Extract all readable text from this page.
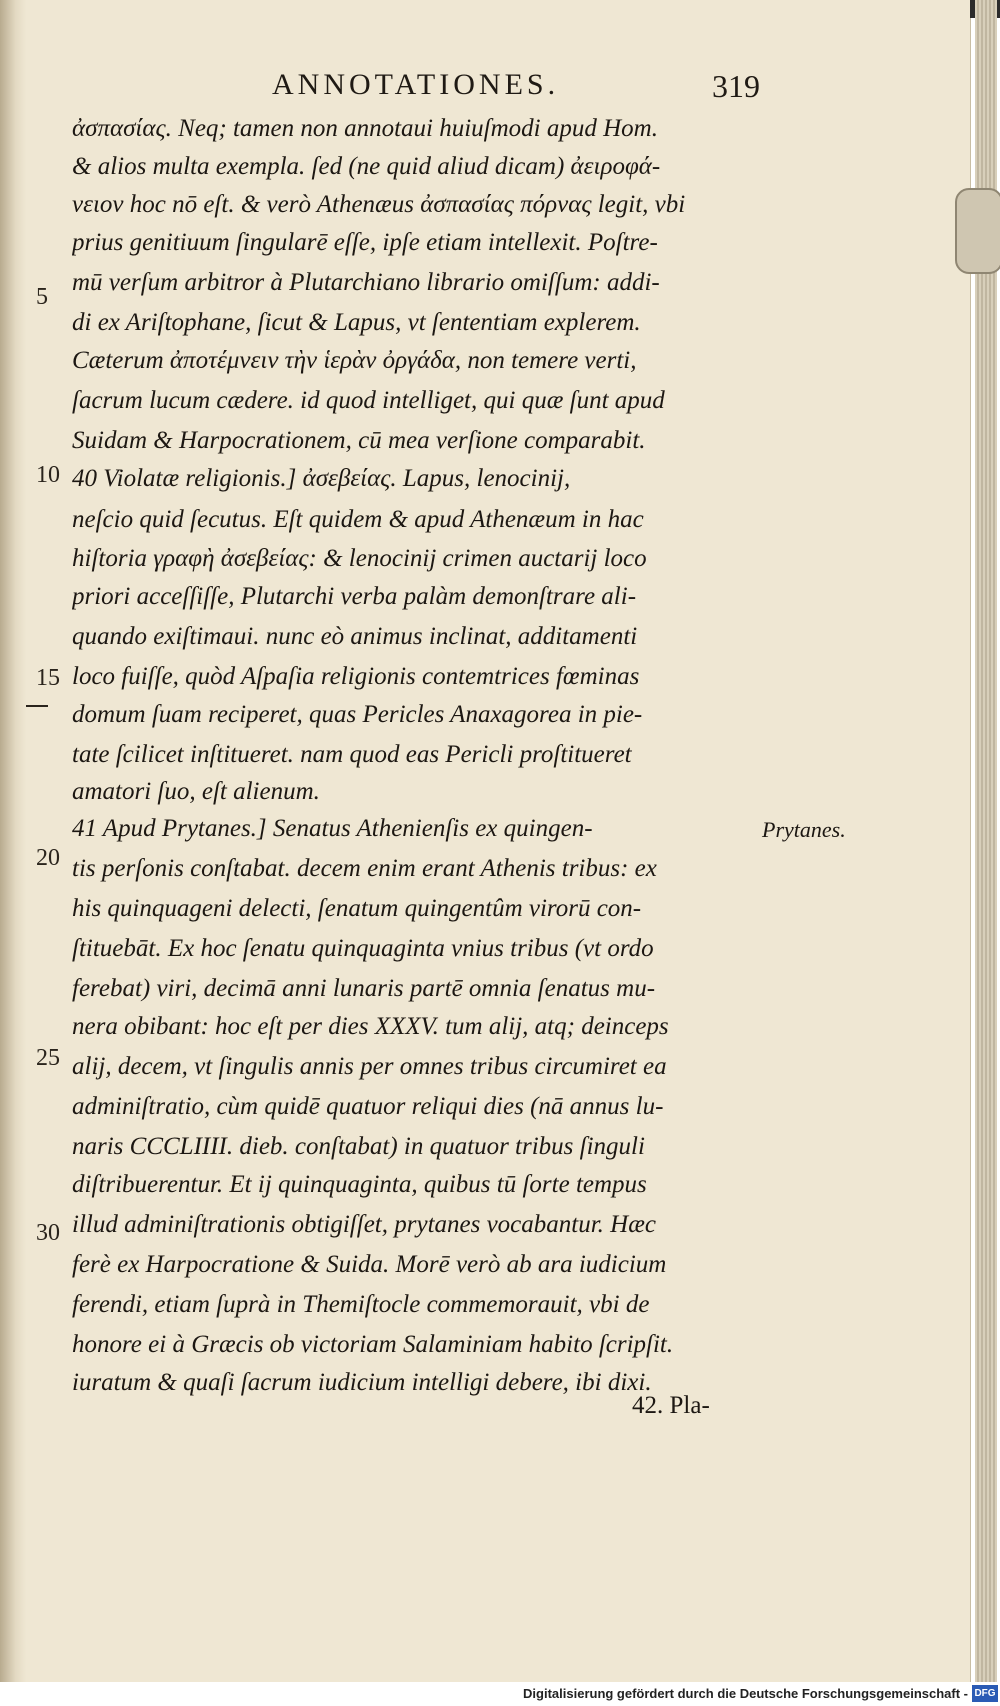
ANNOTATIONES.	319
ἀσπασίας. Neq; tamen non annotaui huiuſmodi apud Hom.
& alios multa exempla. ſed (ne quid aliud dicam) ἀειροφά-
νειον hoc nō eſt. & verò Athenæus ἀσπασίας πόρνας legit, vbi
prius genitiuum ſingularē eſſe, ipſe etiam intellexit. Poſtre-
mū verſum arbitror à Plutarchiano librario omiſſum: addi-
di ex Ariſtophane, ſicut & Lapus, vt ſententiam explerem.
Cæterum ἀποτέμνειν τὴν ἱερὰν ὀργάδα, non temere verti,
ſacrum lucum cædere. id quod intelliget, qui quæ ſunt apud
Suidam & Harpocrationem, cū mea verſione comparabit.
40 Violatæ religionis.] ἀσεβείας. Lapus, lenocinij,
neſcio quid ſecutus. Eſt quidem & apud Athenæum in hac
hiſtoria γραφὴ ἀσεβείας: & lenocinij crimen auctarij loco
priori acceſſiſſe, Plutarchi verba palàm demonſtrare ali-
quando exiſtimaui. nunc eò animus inclinat, additamenti
loco fuiſſe, quòd Aſpaſia religionis contemtrices fœminas
domum ſuam reciperet, quas Pericles Anaxagorea in pie-
tate ſcilicet inſtitueret. nam quod eas Pericli proſtitueret
amatori ſuo, eſt alienum.
41 Apud Prytanes.] Senatus Athenienſis ex quingen-
tis perſonis conſtabat. decem enim erant Athenis tribus: ex
his quinquageni delecti, ſenatum quingentûm virorū con-
ſtituebāt. Ex hoc ſenatu quinquaginta vnius tribus (vt ordo
ferebat) viri, decimā anni lunaris partē omnia ſenatus mu-
nera obibant: hoc eſt per dies XXXV. tum alij, atq; deinceps
alij, decem, vt ſingulis annis per omnes tribus circumiret ea
adminiſtratio, cùm quidē quatuor reliqui dies (nā annus lu-
naris CCCLIIII. dieb. conſtabat) in quatuor tribus ſinguli
diſtribuerentur. Et ij quinquaginta, quibus tū ſorte tempus
illud adminiſtrationis obtigiſſet, prytanes vocabantur. Hæc
ferè ex Harpocratione & Suida. Morē verò ab ara iudicium
ferendi, etiam ſuprà in Themiſtocle commemorauit, vbi de
honore ei à Græcis ob victoriam Salaminiam habito ſcripſit.
iuratum & quaſi ſacrum iudicium intelligi debere, ibi dixi.
5
10
15
20
25
30
Prytanes.
42. Pla-
Digitalisierung gefördert durch die Deutsche Forschungsgemeinschaft - DFG
